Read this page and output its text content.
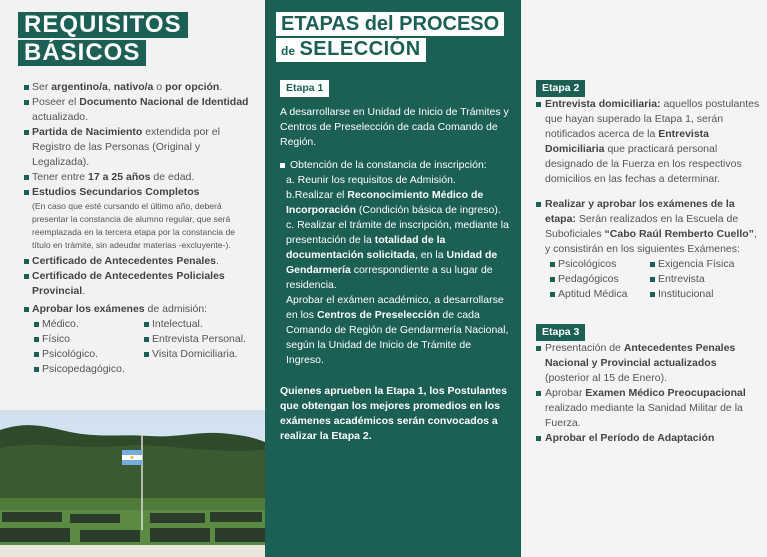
REQUISITOS
BÁSICOS
Ser argentino/a, nativo/a o por opción.
Poseer el Documento Nacional de Identidad actualizado.
Partida de Nacimiento extendida por el Registro de las Personas (Original y Legalizada).
Tener entre 17 a 25 años de edad.
Estudios Secundarios Completos
(En caso que esté cursando el último año, deberá presentar la constancia de alumno regular, que será reemplazada en la tercera etapa por la constancia de título en trámite, sin adeudar materias -excluyente-).
Certificado de Antecedentes Penales.
Certificado de Antecedentes Policiales Provincial.
Aprobar los exámenes de admisión:
Médico.	Intelectual.
Físico	Entrevista Personal.
Psicológico.	Visita Domiciliaria.
Psicopedagógico.
ETAPAS del PROCESO
de SELECCIÓN
Etapa 1

A desarrollarse en Unidad de Inicio de Trámites y Centros de Preselección de cada Comando de Región.

Obtención de la constancia de inscripción:

a. Reunir los requisitos de Admisión.

b.Realizar el Reconocimiento Médico de Incorporación (Condición básica de ingreso).

c. Realizar el trámite de inscripción, mediante la presentación de la totalidad de la documentación solicitada, en la Unidad de Gendarmería correspondiente a su lugar de residencia.

Aprobar el exámen académico, a desarrollarse en los Centros de Preselección de cada Comando de Región de Gendarmería Nacional, según la Unidad de Inicio de Trámite de Ingreso.

Quienes aprueben la Etapa 1, los Postulantes que obtengan los mejores promedios en los exámenes académicos serán convocados a realizar la Etapa 2.

Etapa 2

Entrevista domiciliaria: aquellos postulantes que hayan superado la Etapa 1, serán notificados acerca de la Entrevista Domiciliaria que practicará personal designado de la Fuerza en los respectivos domicilios en las fechas a determinar.

Realizar y aprobar los exámenes de la etapa: Serán realizados en la Escuela de Suboficiales “Cabo Raúl Remberto Cuello”, y consistirán en los siguientes Exámenes:

Psicológicos	Exigencia Física
Pedagógicos	Entrevista
Aptitud Médica	Institucional
Etapa 3

Presentación de Antecedentes Penales Nacional y Provincial actualizados (posterior al 15 de Enero).

Aprobar Examen Médico Preocupacional realizado mediante la Sanidad Militar de la Fuerza.

Aprobar el Período de Adaptación
